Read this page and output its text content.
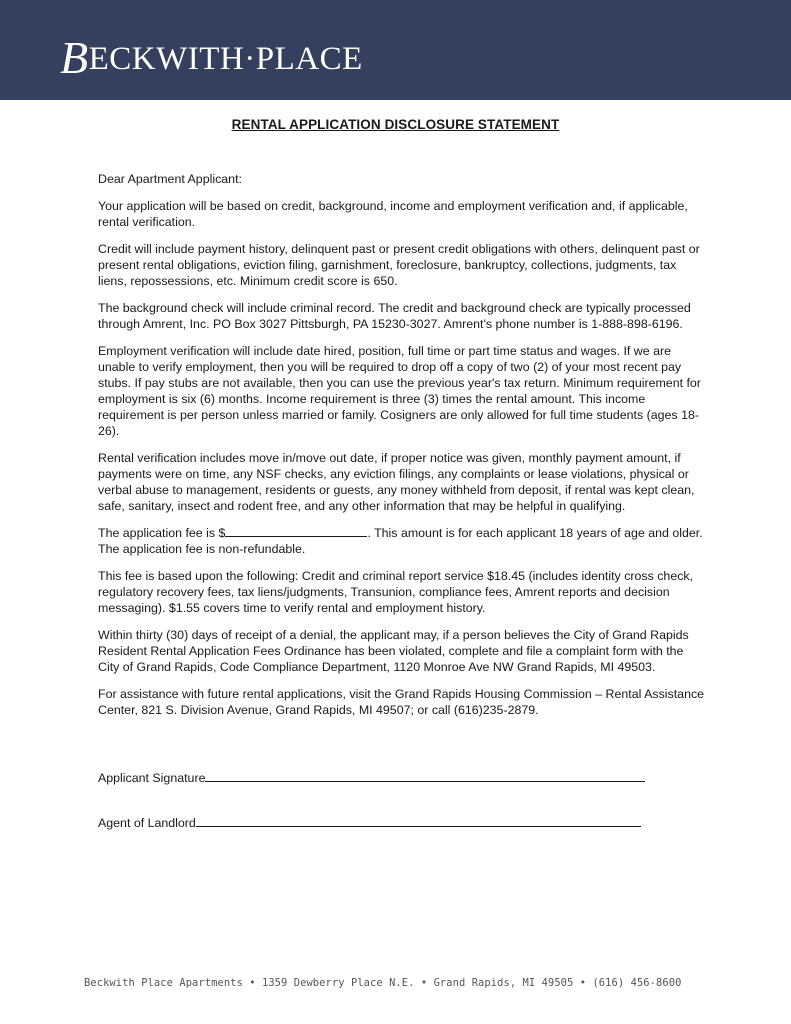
BECKWITH·PLACE
RENTAL APPLICATION DISCLOSURE STATEMENT

Dear Apartment Applicant:

Your application will be based on credit, background, income and employment verification and, if applicable, rental verification.

Credit will include payment history, delinquent past or present credit obligations with others, delinquent past or present rental obligations, eviction filing, garnishment, foreclosure, bankruptcy, collections, judgments, tax liens, repossessions, etc. Minimum credit score is 650.

The background check will include criminal record. The credit and background check are typically processed through Amrent, Inc. PO Box 3027 Pittsburgh, PA 15230-3027. Amrent's phone number is 1-888-898-6196.

Employment verification will include date hired, position, full time or part time status and wages. If we are unable to verify employment, then you will be required to drop off a copy of two (2) of your most recent pay stubs. If pay stubs are not available, then you can use the previous year's tax return. Minimum requirement for employment is six (6) months. Income requirement is three (3) times the rental amount. This income requirement is per person unless married or family. Cosigners are only allowed for full time students (ages 18-26).

Rental verification includes move in/move out date, if proper notice was given, monthly payment amount, if payments were on time, any NSF checks, any eviction filings, any complaints or lease violations, physical or verbal abuse to management, residents or guests, any money withheld from deposit, if rental was kept clean, safe, sanitary, insect and rodent free, and any other information that may be helpful in qualifying.

The application fee is $	. This amount is for each applicant 18 years of age and older. The application fee is non-refundable.

This fee is based upon the following: Credit and criminal report service $18.45 (includes identity cross check, regulatory recovery fees, tax liens/judgments, Transunion, compliance fees, Amrent reports and decision messaging). $1.55 covers time to verify rental and employment history.

Within thirty (30) days of receipt of a denial, the applicant may, if a person believes the City of Grand Rapids Resident Rental Application Fees Ordinance has been violated, complete and file a complaint form with the City of Grand Rapids, Code Compliance Department, 1120 Monroe Ave NW Grand Rapids, MI 49503.

For assistance with future rental applications, visit the Grand Rapids Housing Commission – Rental Assistance Center, 821 S. Division Avenue, Grand Rapids, MI 49507; or call (616)235-2879.

Applicant Signature
Agent of Landlord
Beckwith Place Apartments • 1359 Dewberry Place N.E. • Grand Rapids, MI 49505 • (616) 456-8600
